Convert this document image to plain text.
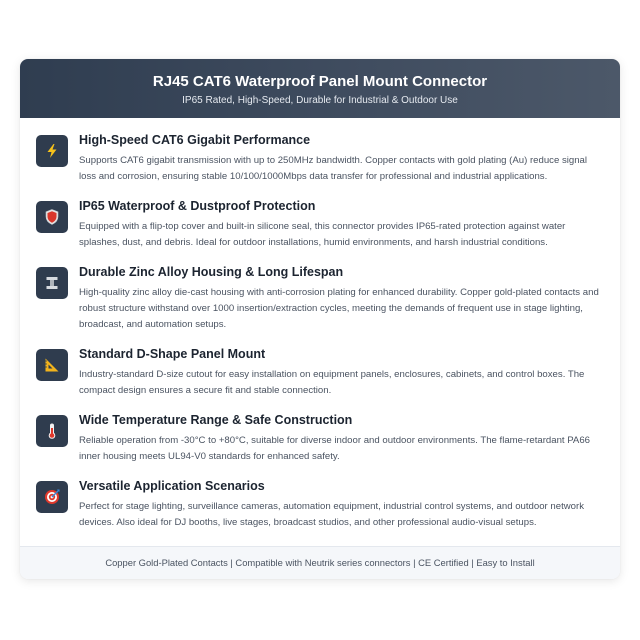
RJ45 CAT6 Waterproof Panel Mount Connector
IP65 Rated, High-Speed, Durable for Industrial & Outdoor Use
High-Speed CAT6 Gigabit Performance
Supports CAT6 gigabit transmission with up to 250MHz bandwidth. Copper contacts with gold plating (Au) reduce signal loss and corrosion, ensuring stable 10/100/1000Mbps data transfer for professional and industrial applications.
IP65 Waterproof & Dustproof Protection
Equipped with a flip-top cover and built-in silicone seal, this connector provides IP65-rated protection against water splashes, dust, and debris. Ideal for outdoor installations, humid environments, and harsh industrial conditions.
Durable Zinc Alloy Housing & Long Lifespan
High-quality zinc alloy die-cast housing with anti-corrosion plating for enhanced durability. Copper gold-plated contacts and robust structure withstand over 1000 insertion/extraction cycles, meeting the demands of frequent use in stage lighting, broadcast, and automation setups.
Standard D-Shape Panel Mount
Industry-standard D-size cutout for easy installation on equipment panels, enclosures, cabinets, and control boxes. The compact design ensures a secure fit and stable connection.
Wide Temperature Range & Safe Construction
Reliable operation from -30°C to +80°C, suitable for diverse indoor and outdoor environments. The flame-retardant PA66 inner housing meets UL94-V0 standards for enhanced safety.
Versatile Application Scenarios
Perfect for stage lighting, surveillance cameras, automation equipment, industrial control systems, and outdoor network devices. Also ideal for DJ booths, live stages, broadcast studios, and other professional audio-visual setups.
Copper Gold-Plated Contacts | Compatible with Neutrik series connectors | CE Certified | Easy to Install
